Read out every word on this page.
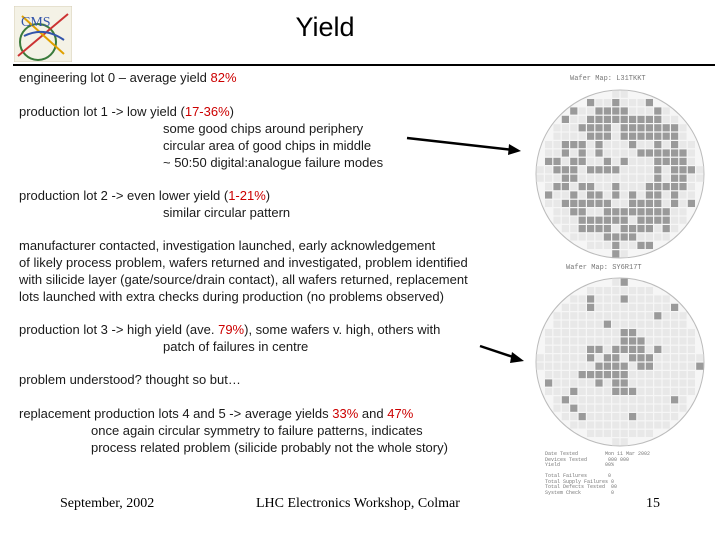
CMS	Yield
engineering lot 0 – average yield 82%
production lot 1 -> low yield (17-36%)
some good chips around periphery
circular area of good chips in middle
~ 50:50 digital:analogue failure modes
production lot 2 -> even lower yield (1-21%)
similar circular pattern
manufacturer contacted, investigation launched, early acknowledgement
of likely process problem, wafers returned and investigated, problem identified
with silicide layer (gate/source/drain contact), all wafers returned, replacement
lots launched with extra checks during production (no problems observed)
production lot 3 -> high yield (ave. 79%), some wafers v. high, others with
patch of failures in centre
problem understood? thought so but…
replacement production lots 4 and 5 -> average yields 33% and 47%
once again circular symmetry to failure patterns, indicates
process related problem (silicide probably not the whole story)
Wafer Map: L31TKKT
Wafer Map: SY6R17T
Date Tested         Mon 11 Mar 2002
Devices Tested       000 000
Yield               00%

Total Failures       0
Total Supply Failures 0
Total Defects Tested  00
System Check          0
September, 2002	LHC Electronics Workshop, Colmar	15
